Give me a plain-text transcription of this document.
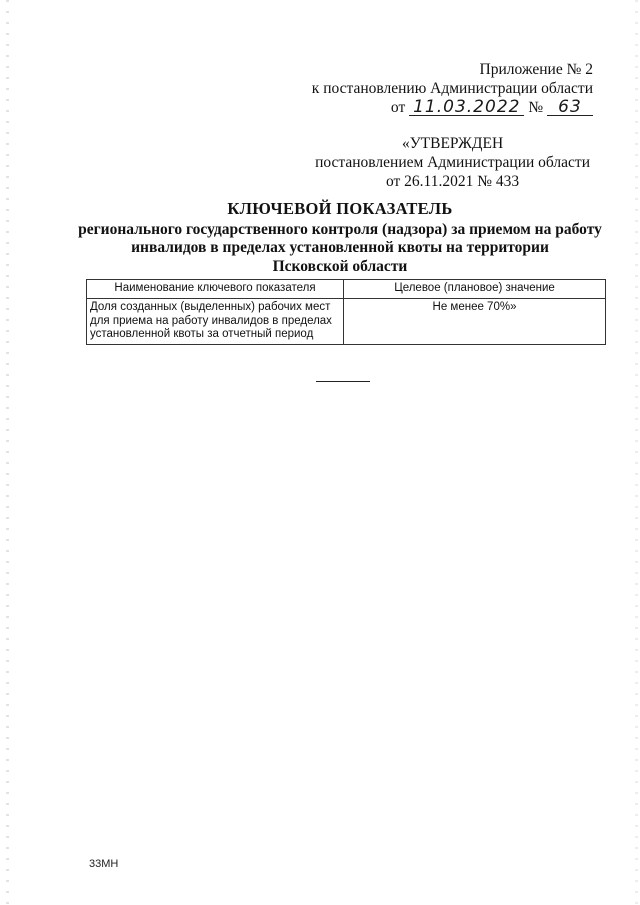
Приложение № 2
к постановлению Администрации области
от 11.03.2022 № 63
«УТВЕРЖДЕН
постановлением Администрации области
от 26.11.2021 № 433
КЛЮЧЕВОЙ ПОКАЗАТЕЛЬ
регионального государственного контроля (надзора) за приемом на работу
инвалидов в пределах установленной квоты на территории
Псковской области
Наименование ключевого показателя	Целевое (плановое) значение

Доля созданных (выделенных) рабочих мест
для приема на работу инвалидов в пределах
установленной квоты за отчетный период	Не менее 70%»
33МН
